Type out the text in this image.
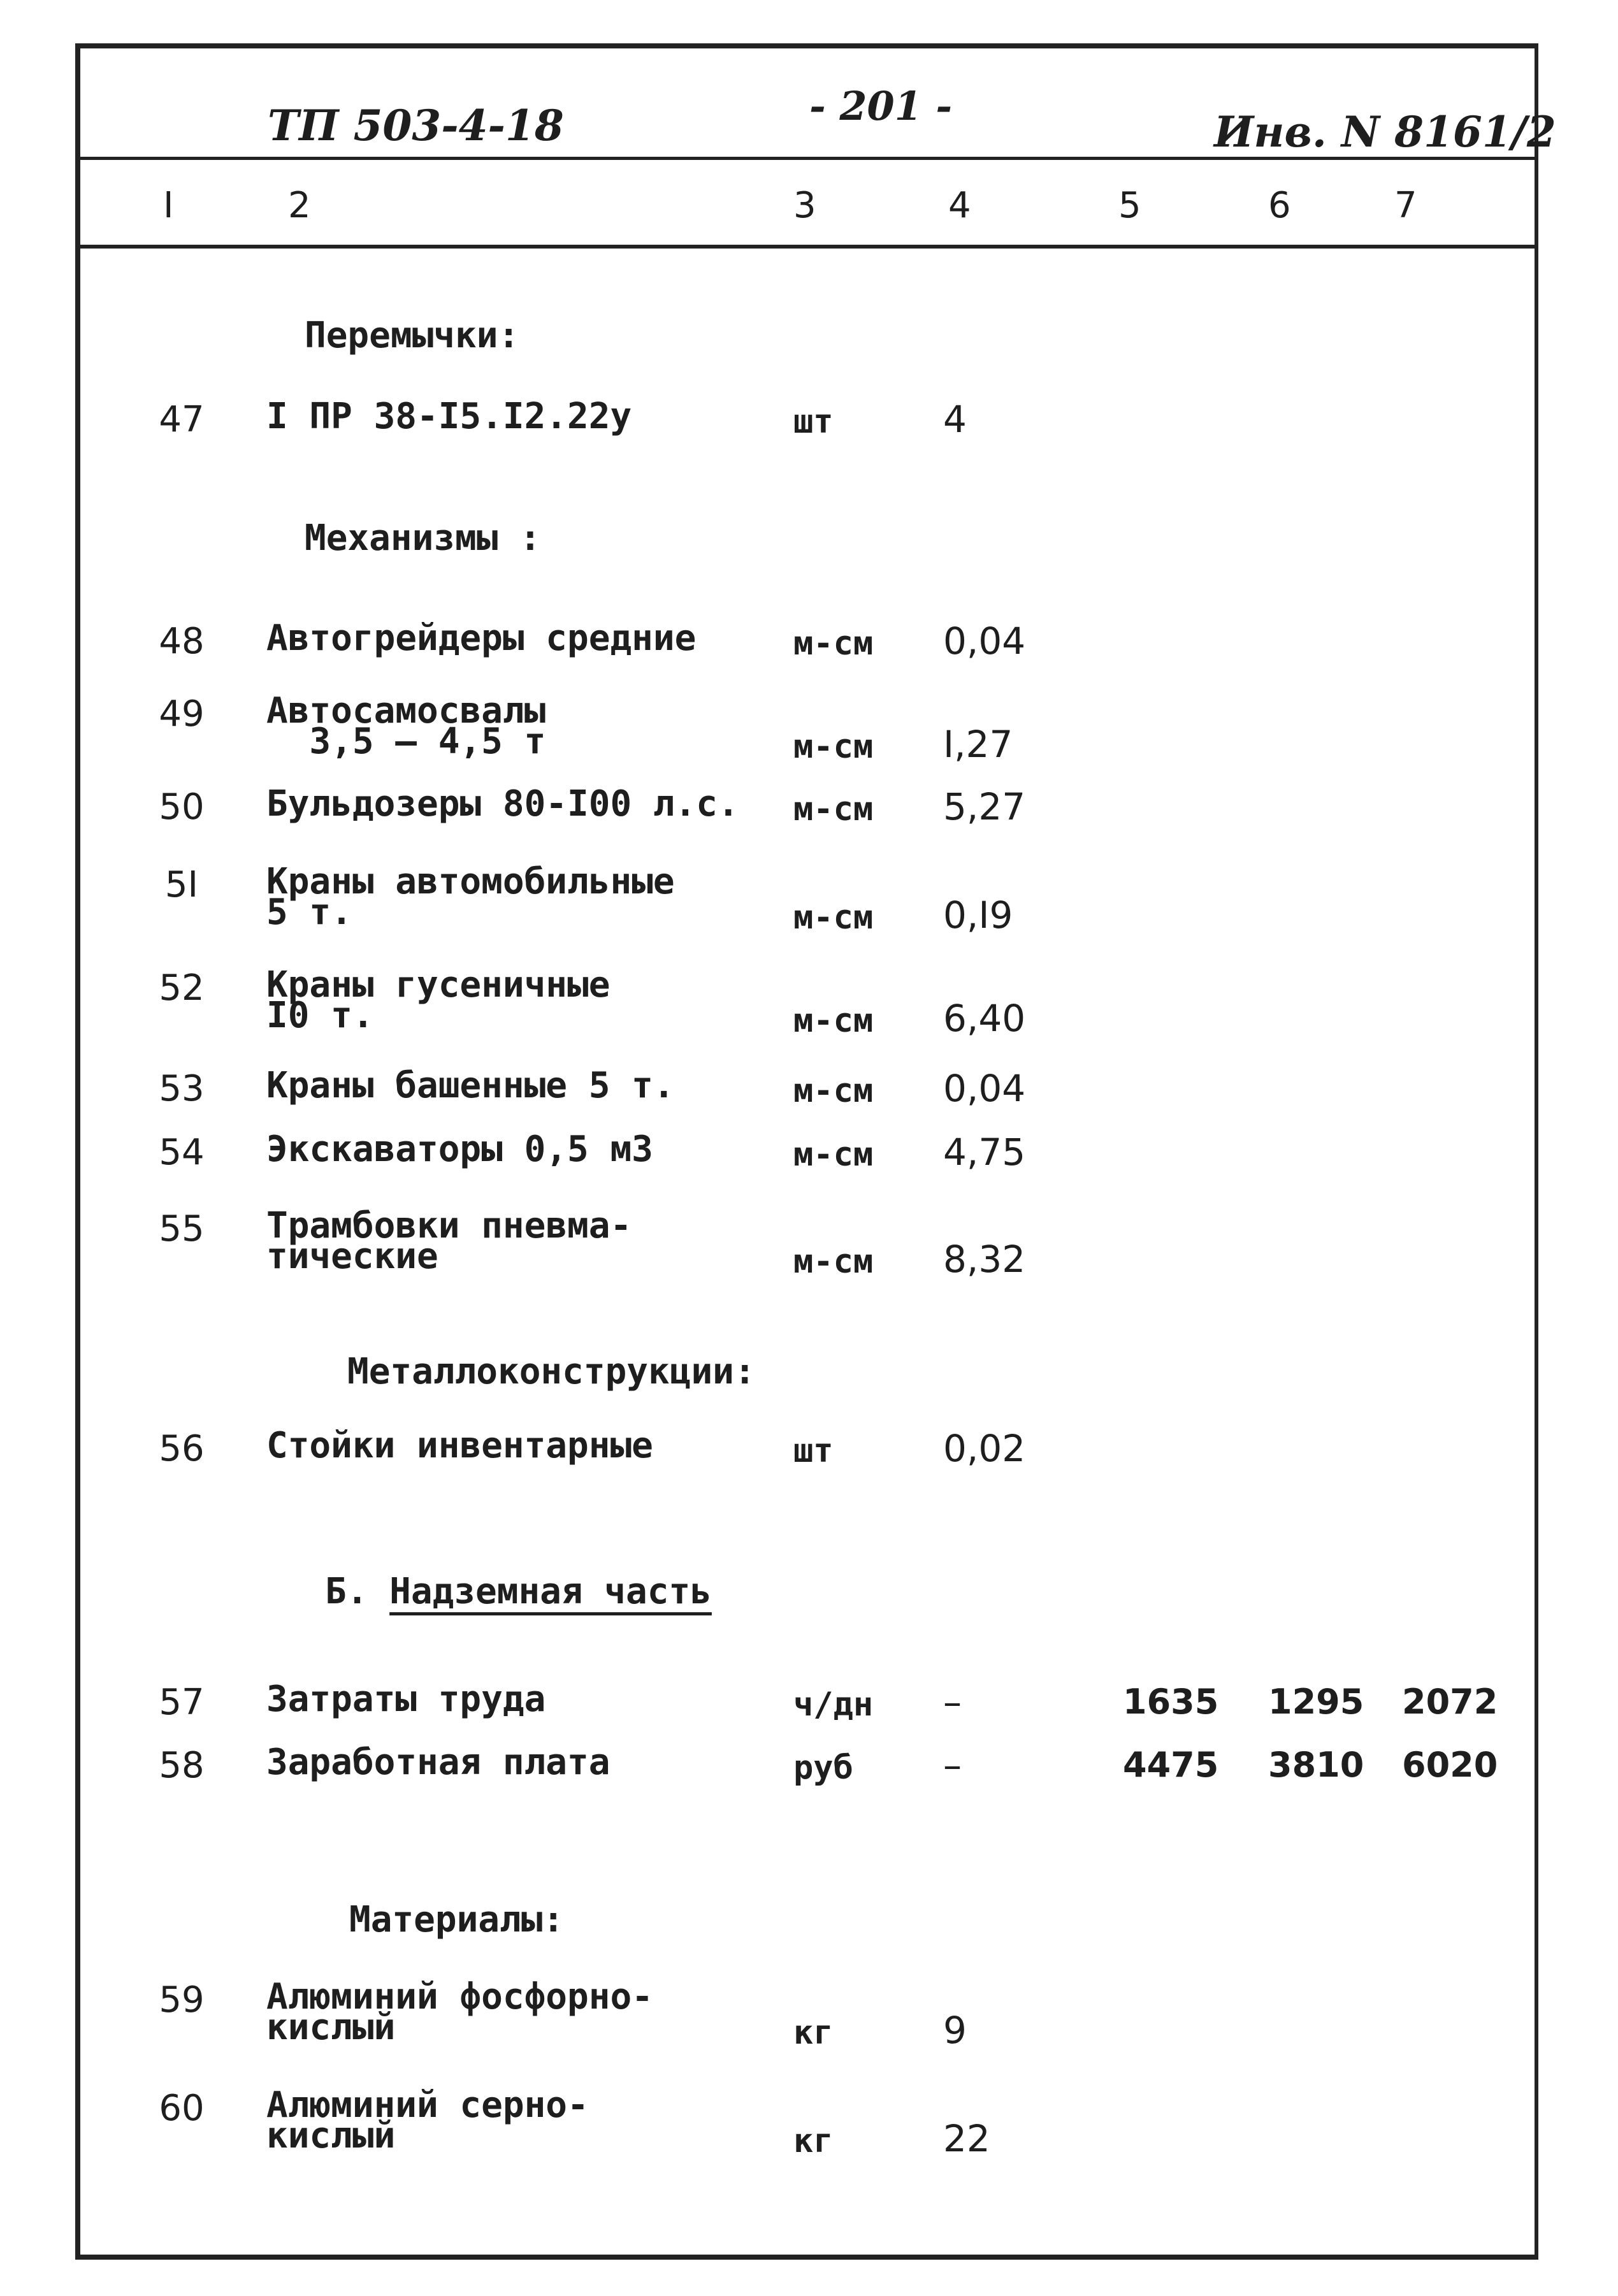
ТП 503-4-18	- 201 -
Инв. N 8161/2
I	2	3	4	5	6	7
Перемычки:
Механизмы :
Металлоконструкции:
Б. Надземная часть
Материалы:
47	I ПР 38-I5.I2.22у	шт	4
48	Автогрейдеры средние	м-см 0,04
49	Автосамосвалы
3,5 – 4,5 т	м-см I,27
50	Бульдозеры 80-I00 л.с. м-см 5,27
5I	Краны автомобильные
5 т.	м-см 0,I9
52	Краны гусеничные
I0 т.	м-см 6,40
53	Краны башенные 5 т.	м-см 0,04
54	Экскаваторы 0,5 м3	м-см 4,75
55	Трамбовки пневма-
тические	м-см 8,32
56	Стойки инвентарные	шт	0,02
57	Затраты труда	ч/дн –	1635 1295 2072
58	Заработная плата	руб –	4475 3810 6020
59	Алюминий фосфорно-
кислый	кг	9
60	Алюминий серно-
кислый	кг	22
